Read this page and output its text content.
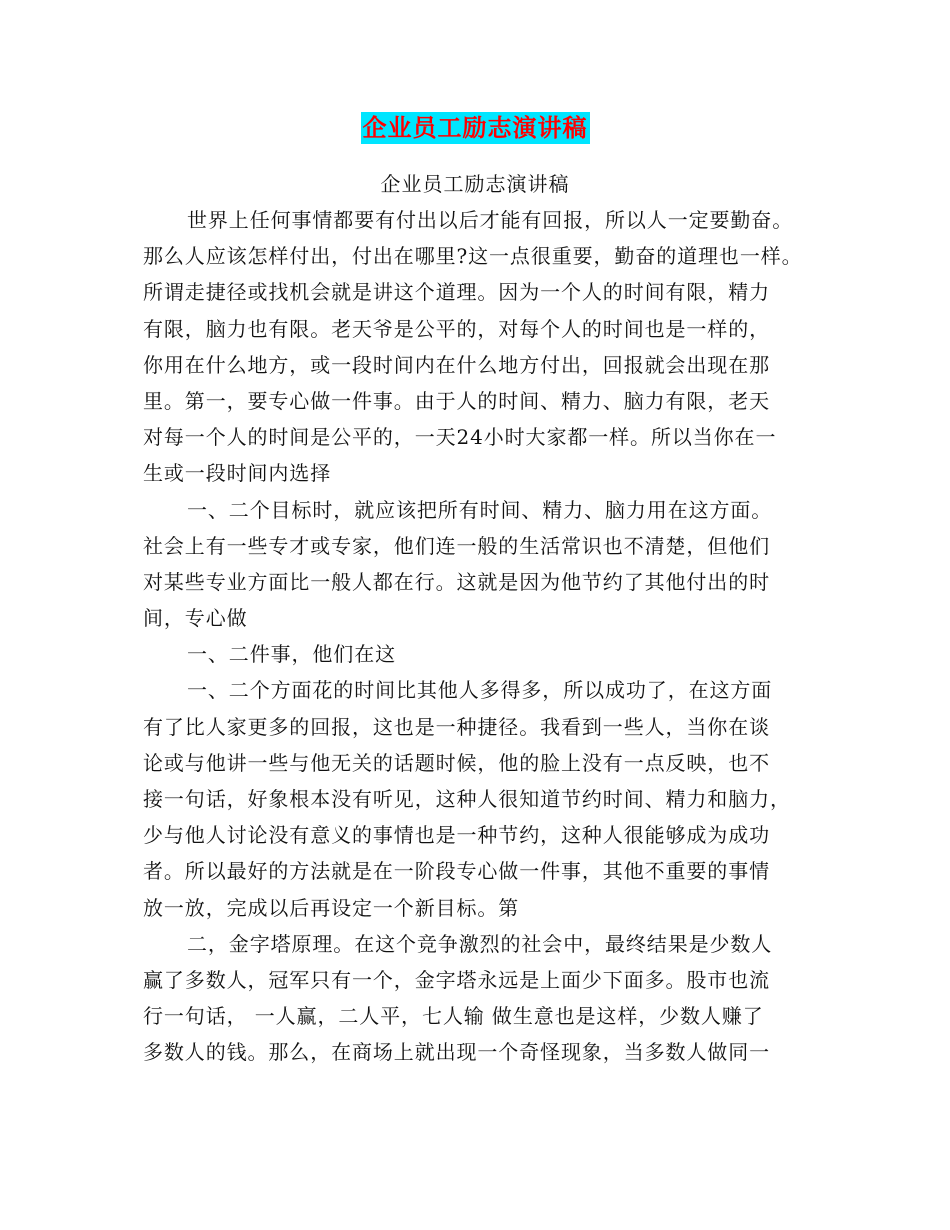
企业员工励志演讲稿
企业员工励志演讲稿
世界上任何事情都要有付出以后才能有回报，所以人一定要勤奋。
那么人应该怎样付出，付出在哪里?这一点很重要，勤奋的道理也一样。
所谓走捷径或找机会就是讲这个道理。因为一个人的时间有限，精力
有限，脑力也有限。老天爷是公平的，对每个人的时间也是一样的，
你用在什么地方，或一段时间内在什么地方付出，回报就会出现在那
里。第一，要专心做一件事。由于人的时间、精力、脑力有限，老天
对每一个人的时间是公平的，一天24小时大家都一样。所以当你在一
生或一段时间内选择
一、二个目标时，就应该把所有时间、精力、脑力用在这方面。
社会上有一些专才或专家，他们连一般的生活常识也不清楚，但他们
对某些专业方面比一般人都在行。这就是因为他节约了其他付出的时
间，专心做
一、二件事，他们在这
一、二个方面花的时间比其他人多得多，所以成功了，在这方面
有了比人家更多的回报，这也是一种捷径。我看到一些人，当你在谈
论或与他讲一些与他无关的话题时候，他的脸上没有一点反映，也不
接一句话，好象根本没有听见，这种人很知道节约时间、精力和脑力，
少与他人讨论没有意义的事情也是一种节约，这种人很能够成为成功
者。所以最好的方法就是在一阶段专心做一件事，其他不重要的事情
放一放，完成以后再设定一个新目标。第
二，金字塔原理。在这个竞争激烈的社会中，最终结果是少数人
赢了多数人，冠军只有一个，金字塔永远是上面少下面多。股市也流
行一句话， 一人赢，二人平，七人输 做生意也是这样，少数人赚了
多数人的钱。那么，在商场上就出现一个奇怪现象，当多数人做同一
